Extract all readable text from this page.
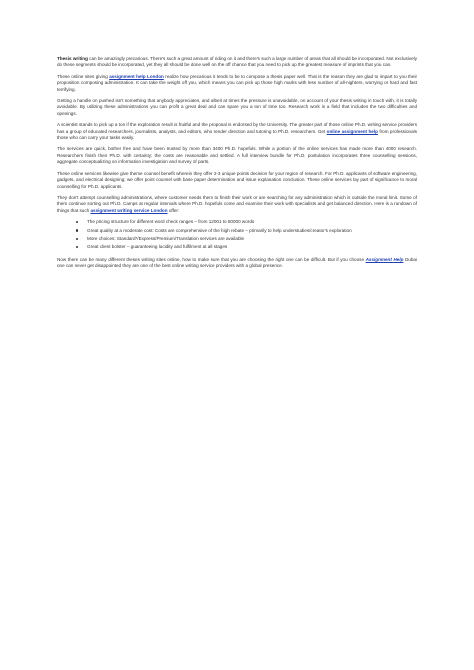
Thesis writing can be amazingly precarious. There's such a great amount of riding on it and there's such a large number of areas that all should be incorporated. Not exclusively do these segments should be incorporated, yet they all should be done well on the off chance that you need to pick up the greatest measure of imprints that you can.

These online sites giving assignment help London realize how precarious it tends to be to compose a thesis paper well. That is the reason they are glad to impart to you their proposition composing administration. It can take the weight off you, which means you can pick up those high marks with less number of all-nighters, worrying or hard and fast terrifying.

Getting a handle on pushed isn't something that anybody appreciates, and albeit at times the pressure is unavoidable, on account of your thesis writing in touch with, it is totally avoidable. By utilizing these administrations you can profit a great deal and can spare you a ton of time too. Research work is a field that includes the two difficulties and openings.

A scientist stands to pick up a ton if the exploration result is fruitful and the proposal is endorsed by the University. The greater part of those online Ph.D. writing service providers has a group of educated researchers, journalists, analysts, and editors, who render direction and tutoring to Ph.D. researchers. Get online assignment help from professionals those who can carry your tasks easily.

The services are quick, bother free and have been trusted by more than 3400 Ph.D. hopefuls. While a portion of the online services has made more than 4000 research. Researchers finish their Ph.D. with certainty; the costs are reasonable and settled. A full interview bundle for Ph.D. postulation incorporates three counselling sessions, aggregate conceptualizing on information investigation and survey of parts.

These online services likewise give theme counsel benefit wherein they offer 2-3 unique points decision for your region of research. For Ph.D. applicants of software engineering, gadgets, and electrical designing; we offer point counsel with base paper determination and issue explanation conclusion. These online services lay part of significance to moral counselling for Ph.D. applicants.

They don't attempt counselling administrations, where customer needs them to finish their work or are searching for any administration which is outside the moral limit. Some of them continue sorting out Ph.D. Camps at regular intervals where Ph.D. hopefuls come and examine their work with specialists and get balanced direction. Here is a rundown of things that such assignment writing service London offer:

The pricing structure for different word check ranges – from 12001 to 50000 words
Great quality at a moderate cost: Costs are comprehensive of the high rebate – primarily to help understudies/creator's exploration
More choices: Standard*/Express/Premium/Translation services are available
Great client bolster – guaranteeing lucidity and fulfilment at all stages

Now there can be many different theses writing sites online, how to make sure that you are choosing the right one can be difficult. But if you choose Assignment Help Dubai one can never get disappointed they are one of the best online writing service providers with a global presence.
